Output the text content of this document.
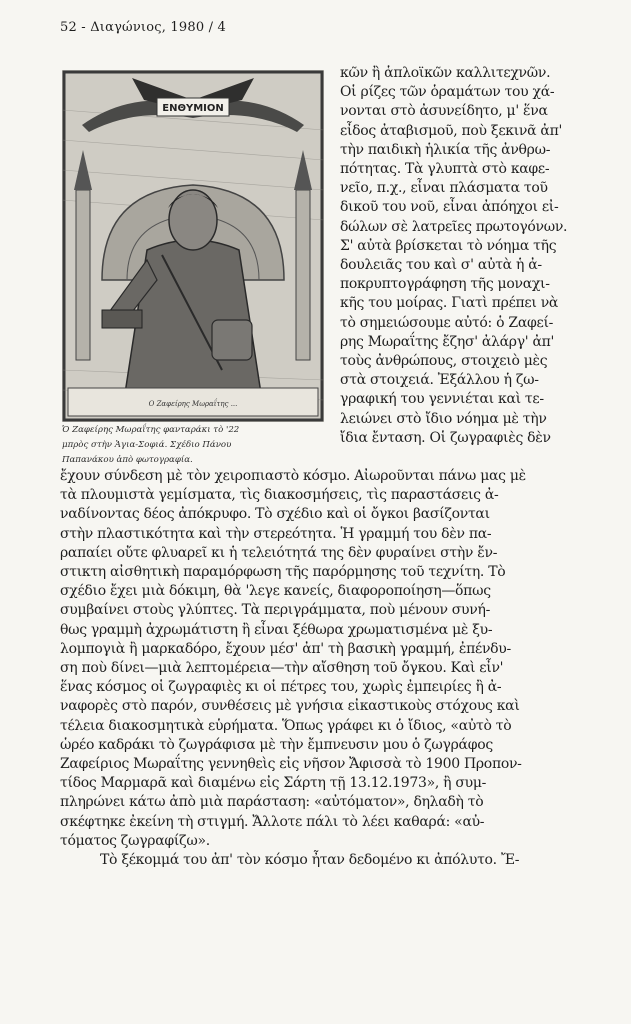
52 - Διαγώνιος, 1980 / 4
ΕΝΘΥΜΙΟΝ
Ο Ζαφείρης Μωραΐτης ...
Ὁ Ζαφείρης Μωραΐτης φανταράκι τὸ '22
μπρὸς στὴν Ἁγια-Σοφιά. Σχέδιο Πάνου
Παπανάκου ἀπὸ φωτογραφία.
κῶν ἢ ἁπλοϊκῶν καλλιτεχνῶν.
Οἱ ρίζες τῶν ὁραμάτων του χά-
νονται στὸ ἀσυνείδητο, μ' ἕνα
εἶδος ἀταβισμοῦ, ποὺ ξεκινᾶ ἀπ'
τὴν παιδικὴ ἡλικία τῆς ἀνθρω-
πότητας. Τὰ γλυπτὰ στὸ καφε-
νεῖο, π.χ., εἶναι πλάσματα τοῦ
δικοῦ του νοῦ, εἶναι ἀπόηχοι εἰ-
δώλων σὲ λατρεῖες πρωτογόνων.
Σ' αὐτὰ βρίσκεται τὸ νόημα τῆς
δουλειᾶς του καὶ σ' αὐτὰ ἡ ἀ-
ποκρυπτογράφηση τῆς μοναχι-
κῆς του μοίρας. Γιατὶ πρέπει νὰ
τὸ σημειώσουμε αὐτό: ὁ Ζαφεί-
ρης Μωραΐτης ἔζησ' ἀλάργ' ἀπ'
τοὺς ἀνθρώπους, στοιχειὸ μὲς
στὰ στοιχειά. Ἐξάλλου ἡ ζω-
γραφική του γεννιέται καὶ τε-
λειώνει στὸ ἴδιο νόημα μὲ τὴν
ἴδια ἔνταση. Οἱ ζωγραφιὲς δὲν
ἔχουν σύνδεση μὲ τὸν χειροπιαστὸ κόσμο. Αἰωροῦνται πάνω μας μὲ
τὰ πλουμιστὰ γεμίσματα, τὶς διακοσμήσεις, τὶς παραστάσεις ἀ-
ναδίνοντας δέος ἀπόκρυφο. Τὸ σχέδιο καὶ οἱ ὄγκοι βασίζονται
στὴν πλαστικότητα καὶ τὴν στερεότητα. Ἡ γραμμή του δὲν πα-
ραπαίει οὔτε φλυαρεῖ κι ἡ τελειότητά της δὲν φυραίνει στὴν ἔν-
στικτη αἰσθητικὴ παραμόρφωση τῆς παρόρμησης τοῦ τεχνίτη. Τὸ
σχέδιο ἔχει μιὰ δόκιμη, θὰ 'λεγε κανείς, διαφοροποίηση—ὅπως
συμβαίνει στοὺς γλύπτες. Τὰ περιγράμματα, ποὺ μένουν συνή-
θως γραμμὴ ἀχρωμάτιστη ἢ εἶναι ξέθωρα χρωματισμένα μὲ ξυ-
λομπογιὰ ἢ μαρκαδόρο, ἔχουν μέσ' ἀπ' τὴ βασικὴ γραμμή, ἐπένδυ-
ση ποὺ δίνει—μιὰ λεπτομέρεια—τὴν αἴσθηση τοῦ ὄγκου. Καὶ εἶν'
ἕνας κόσμος οἱ ζωγραφιὲς κι οἱ πέτρες του, χωρὶς ἐμπειρίες ἢ ἀ-
ναφορὲς στὸ παρόν, συνθέσεις μὲ γνήσια εἰκαστικοὺς στόχους καὶ
τέλεια διακοσμητικὰ εὑρήματα. Ὅπως γράφει κι ὁ ἴδιος, «αὐτὸ τὸ
ὡρέο καδράκι τὸ ζωγράφισα μὲ τὴν ἔμπνευσιν μου ὁ ζωγράφος
Ζαφείριος Μωραΐτης γεννηθεὶς εἰς νῆσον Ἄφισσὰ τὸ 1900 Προπον-
τίδος Μαρμαρᾶ καὶ διαμένω εἰς Σάρτη τῇ 13.12.1973», ἢ συμ-
πληρώνει κάτω ἀπὸ μιὰ παράσταση: «αὐτόματον», δηλαδὴ τὸ
σκέφτηκε ἐκείνη τὴ στιγμή. Ἄλλοτε πάλι τὸ λέει καθαρά: «αὐ-
τόματος ζωγραφίζω».
Τὸ ξέκομμά του ἀπ' τὸν κόσμο ἦταν δεδομένο κι ἀπόλυτο. Ἔ-
